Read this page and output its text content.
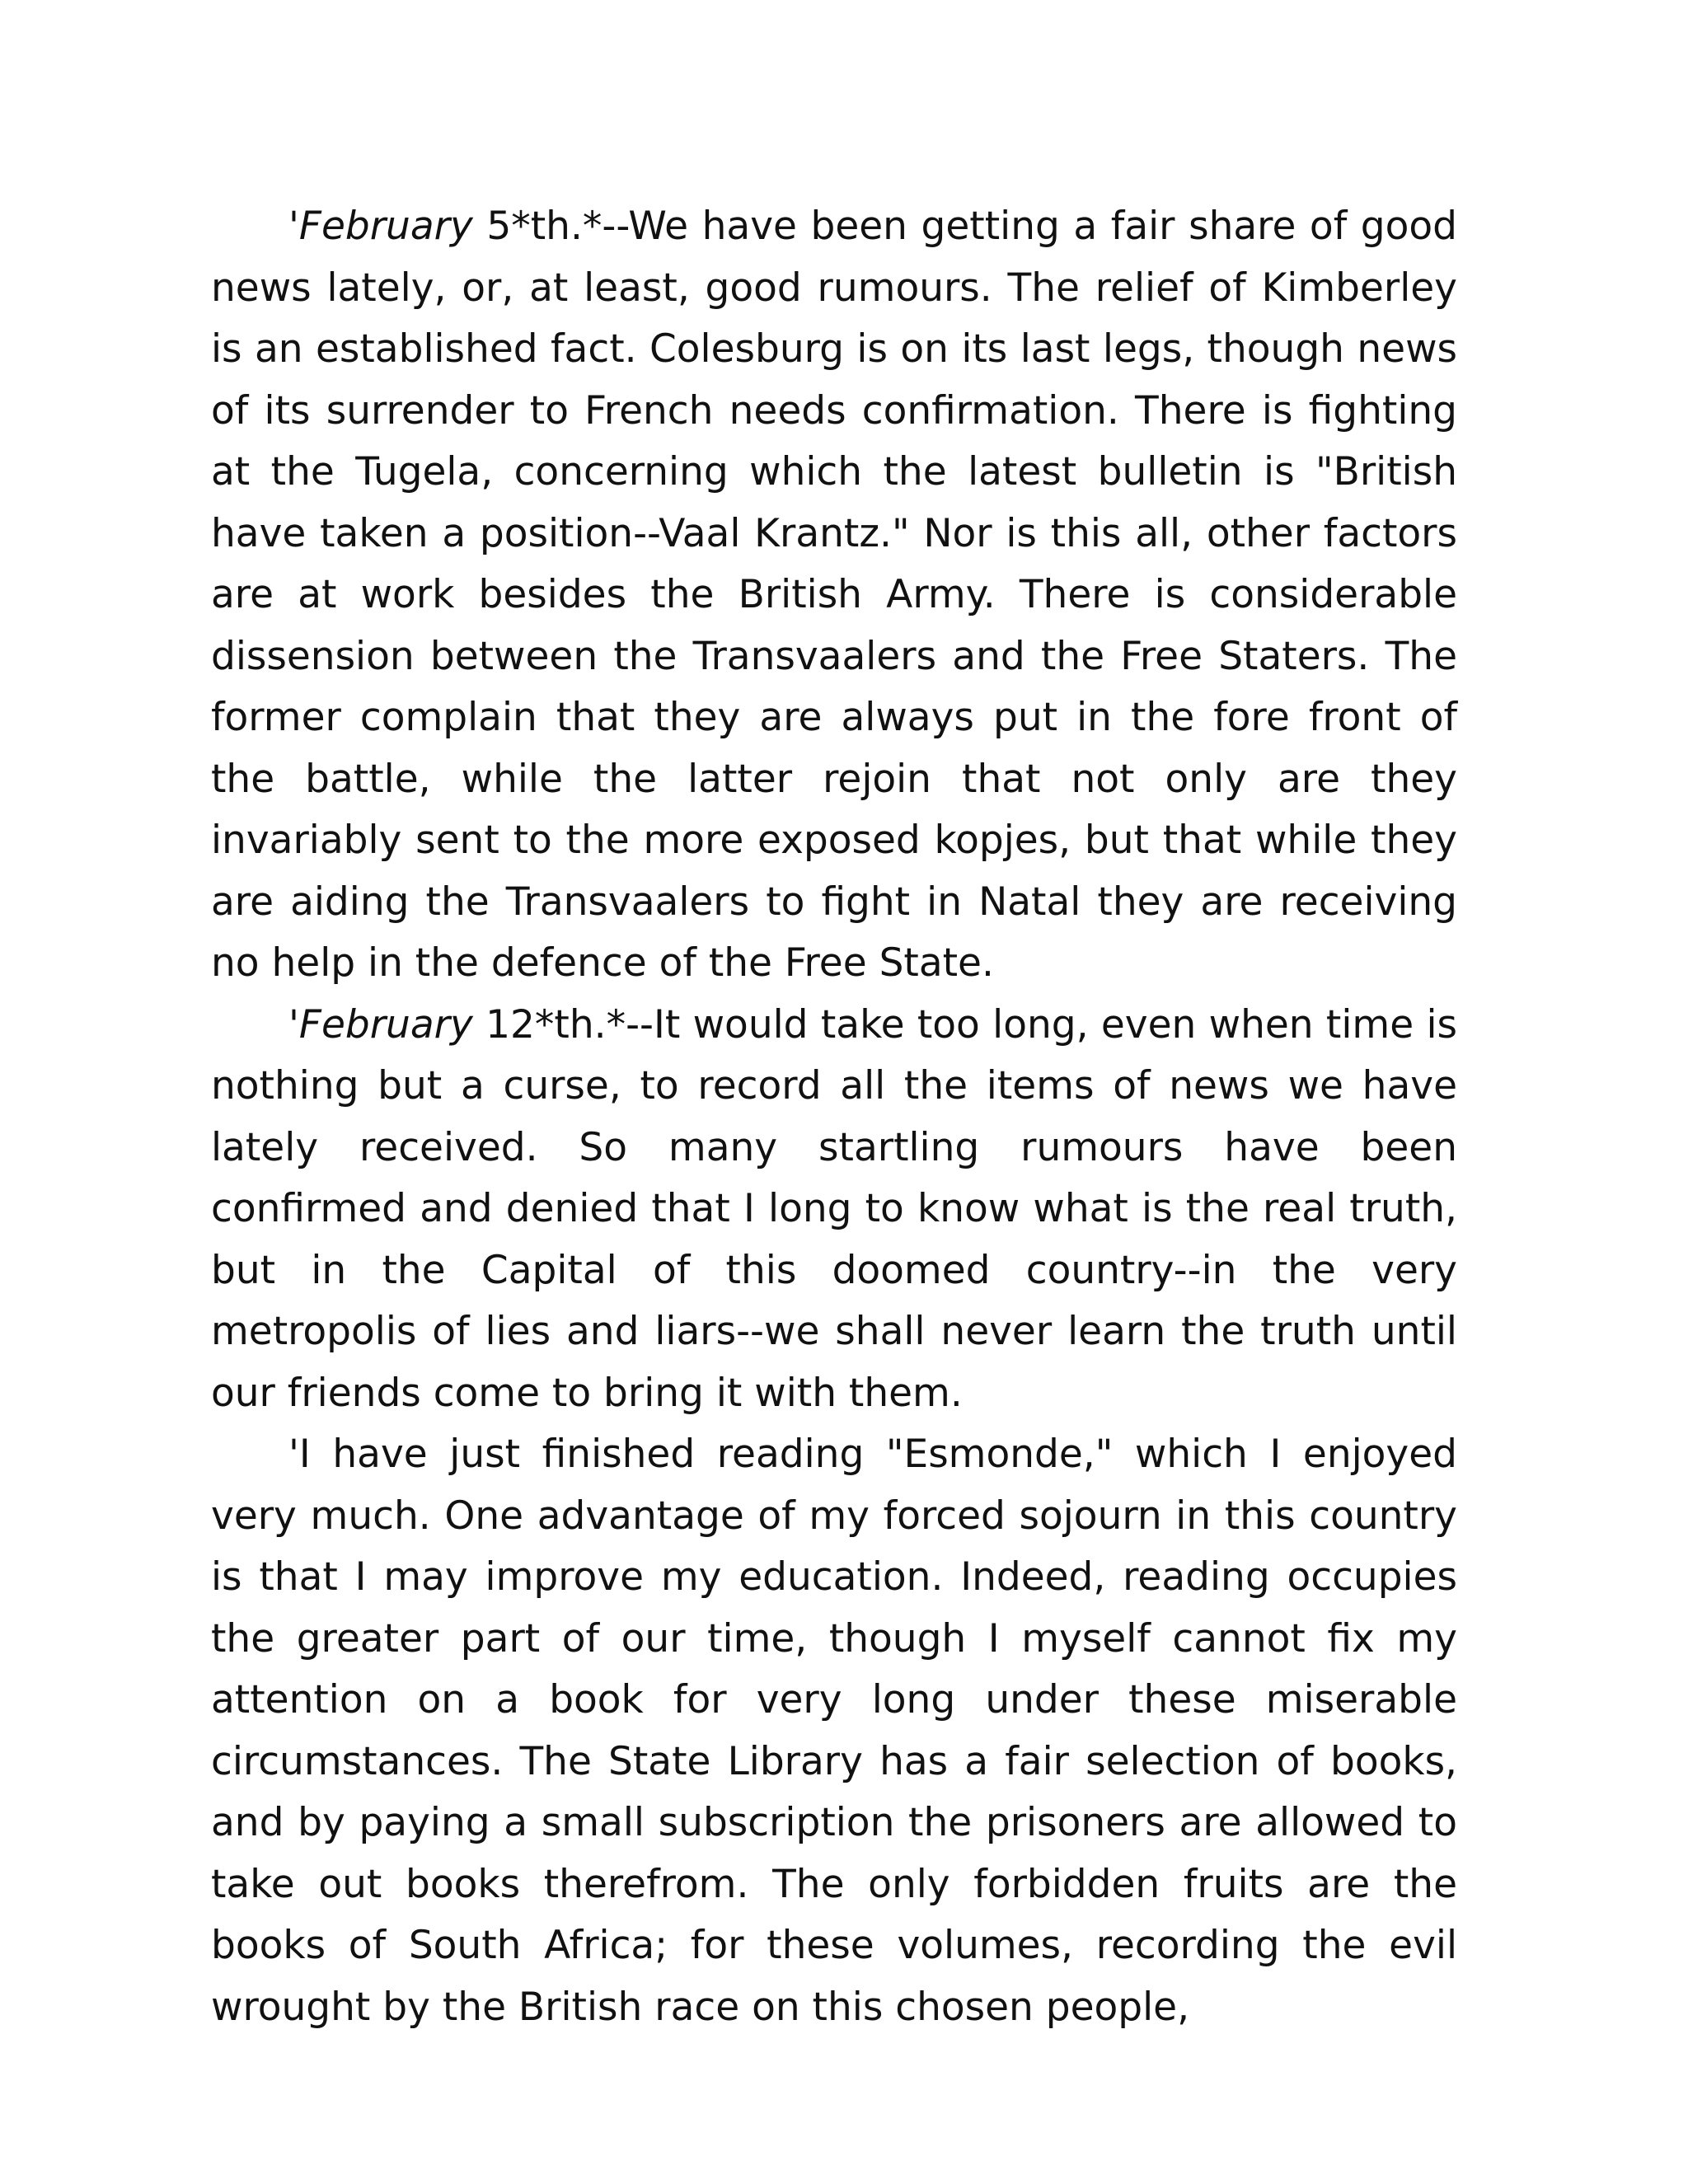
'February 5*th.*--We have been getting a fair share of good news lately, or, at least, good rumours. The relief of Kimberley is an established fact. Colesburg is on its last legs, though news of its surrender to French needs confirmation. There is fighting at the Tugela, concerning which the latest bulletin is "British have taken a position--Vaal Krantz." Nor is this all, other factors are at work besides the British Army. There is considerable dissension between the Transvaalers and the Free Staters. The former complain that they are always put in the fore front of the battle, while the latter rejoin that not only are they invariably sent to the more exposed kopjes, but that while they are aiding the Transvaalers to fight in Natal they are receiving no help in the defence of the Free State.

'February 12*th.*--It would take too long, even when time is nothing but a curse, to record all the items of news we have lately received. So many startling rumours have been confirmed and denied that I long to know what is the real truth, but in the Capital of this doomed country--in the very metropolis of lies and liars--we shall never learn the truth until our friends come to bring it with them.

'I have just finished reading "Esmonde," which I enjoyed very much. One advantage of my forced sojourn in this country is that I may improve my education. Indeed, reading occupies the greater part of our time, though I myself cannot fix my attention on a book for very long under these miserable circumstances. The State Library has a fair selection of books, and by paying a small subscription the prisoners are allowed to take out books therefrom. The only forbidden fruits are the books of South Africa; for these volumes, recording the evil wrought by the British race on this chosen people,
